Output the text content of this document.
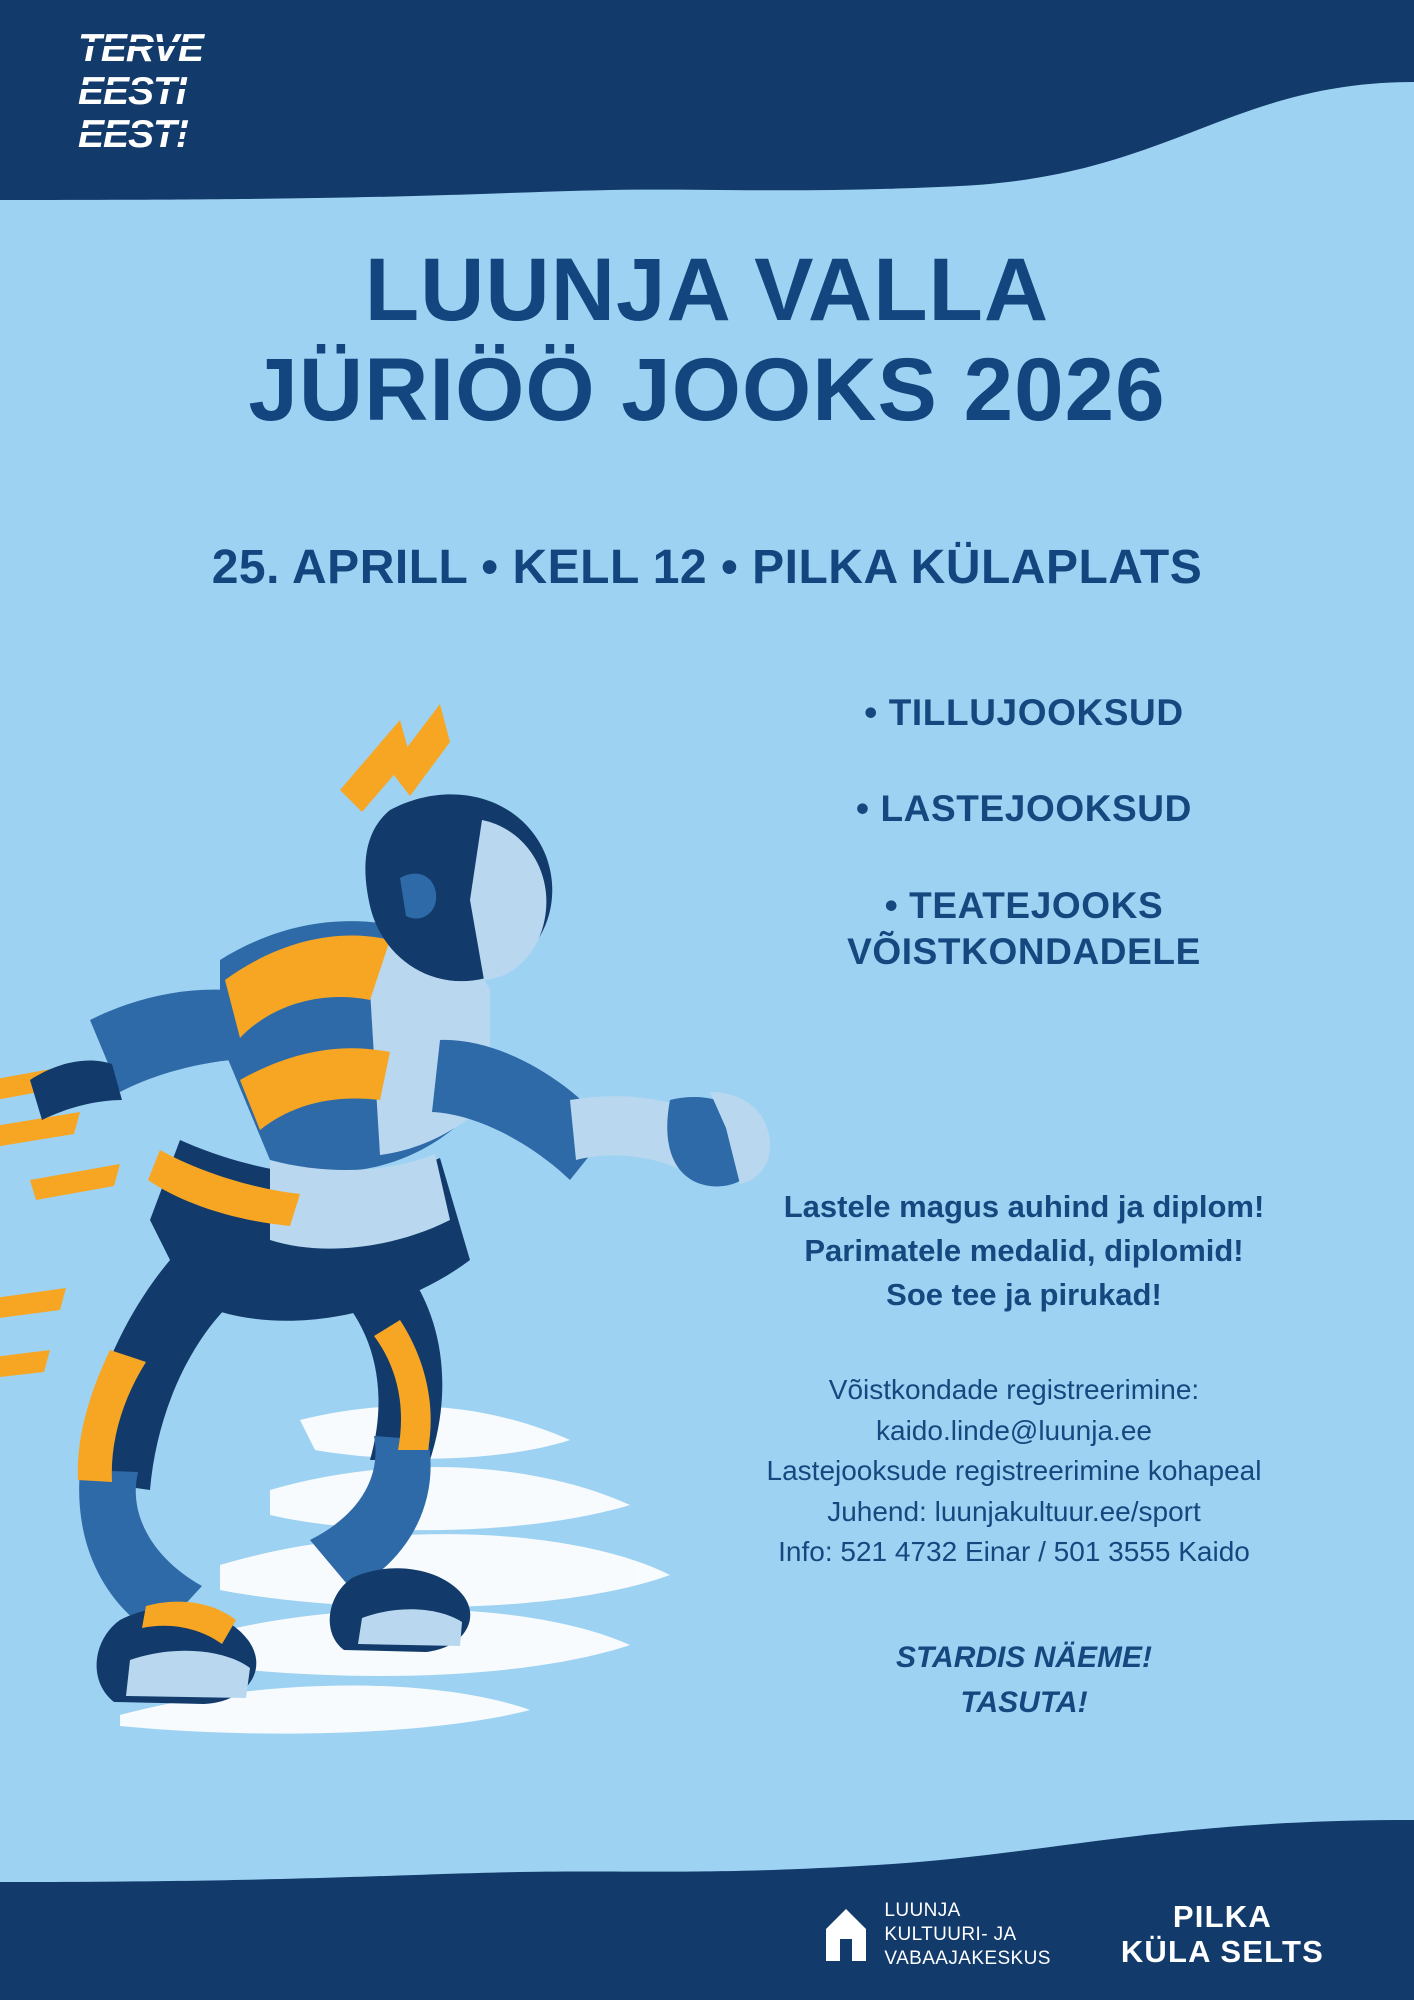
TERVE
EESTI
EEST!
LUUNJA VALLA
JÜRIÖÖ JOOKS 2026
25. APRILL • KELL 12 • PILKA KÜLAPLATS
• TILLUJOOKSUD
• LASTEJOOKSUD
• TEATEJOOKS VÕISTKONDADELE
Lastele magus auhind ja diplom!
Parimatele medalid, diplomid!
Soe tee ja pirukad!
Võistkondade registreerimine:
kaido.linde@luunja.ee
Lastejooksude registreerimine kohapeal
Juhend: luunjakultuur.ee/sport
Info: 521 4732 Einar / 501 3555 Kaido
STARDIS NÄEME!
TASUTA!
LUUNJA
KULTUURI- JA
VABAAJAKESKUS
PILKA
KÜLA SELTS
